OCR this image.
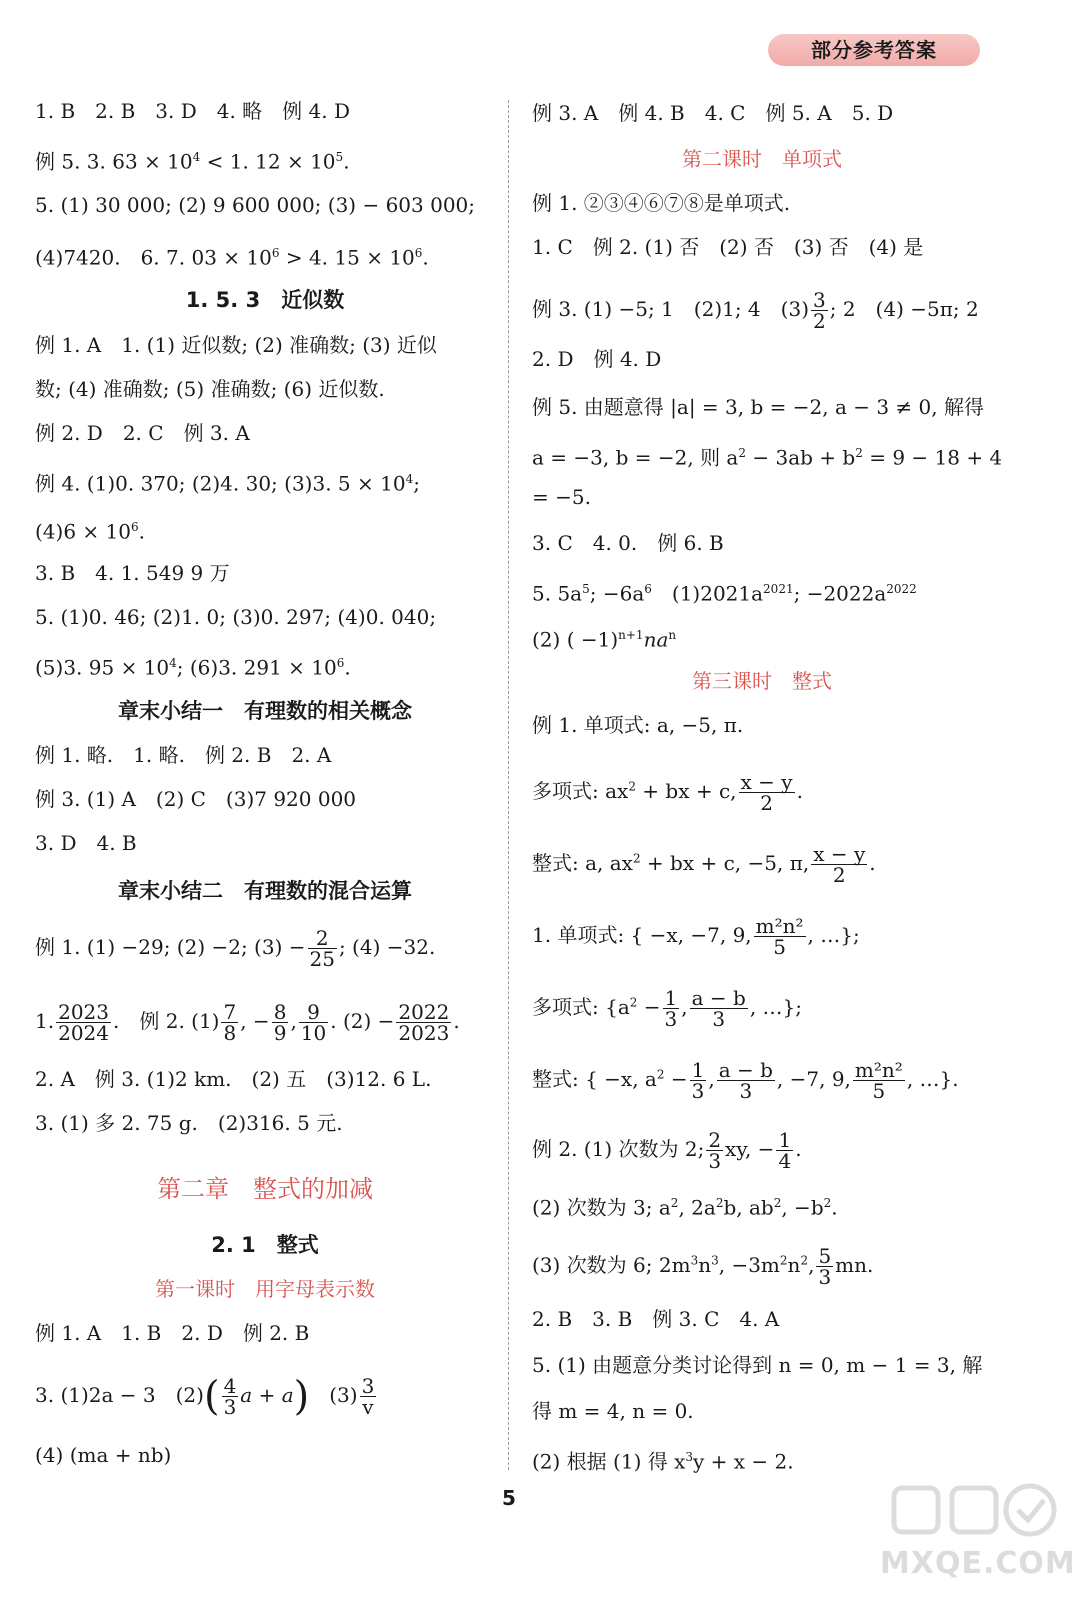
部分参考答案
1. B　2. B　3. D　4. 略　例 4. D
例 5. 3. $63 \times 10^4 < 1$. $12 \times 10^5$.
5. (1) 30 000; (2) 9 600 000; (3) − 603 000;
(4)7420.　6. 7. $03 \times 10^6 > 4$. $15 \times 10^6$.
1. 5. 3　近似数
例 1. A　1. (1) 近似数; (2) 准确数; (3) 近似
数; (4) 准确数; (5) 准确数; (6) 近似数.
例 2. D　2. C　例 3. A
例 4. (1)0. 370; (2)4. 30; (3)3. $5 \times 10^4$;
$(4)6 \times 10^6$.
3. B　4. 1. 549 9 万
5. (1)0. 46; (2)1. 0; (3)0. 297; (4)0. 040;
(5)3. $95 \times 10^4$; (6)3. $291 \times 10^6$.
章末小结一　有理数的相关概念
例 1. 略.　1. 略.　例 2. B　2. A
例 3. (1) A　(2) C　(3)7 920 000
3. D　4. B
章末小结二　有理数的混合运算
例 1. (1) −29; (2) −2; $(3) - \frac{2}{25}$ ; (4) −32.
1. $\frac{2023}{2024}$ .　例 2. $(1) \frac{7}{8}$ , − $\frac{8}{9}$ , $\frac{9}{10}$ . $(2) - \frac{2022}{2023}$ .
2. A　例 3. (1)2 km.　(2) 五　(3)12. 6 L.
3. (1) 多 2. 75 g.　(2)316. 5 元.
第二章　整式的加减
2. 1　整式
第一课时　用字母表示数
例 1. A　1. B　2. D　例 2. B
3. (1)2a − 3　$(2)( \frac{4}{3}$ a + a)　$(3) \frac{3}{v}$
(4) (ma + nb)
例 3. A　例 4. B　4. C　例 5. A　5. D
第二课时　单项式
例 1. ②③④⑥⑦⑧是单项式.
1. C　例 2. (1) 否　(2) 否　(3) 否　(4) 是
例 3. (1) −5; 1　(2)1; 4　$(3) \frac{3}{2}$ ; 2　(4) −5π; 2
2. D　例 4. D
例 5. 由题意得 |a| = 3, b = −2, a − 3 ≠ 0, 解得
a = −3, b = −2, 则 $a^2 - 3ab + b^2 = 9 - 18 + 4$
= −5.
3. C　4. 0.　例 6. B
5. $5a^5$; $-6a^6$　$(1)2021a^{2021}$; $-2022a^{2022}$
(2) ( $-1)^{n+1}na^n$
第三课时　整式
例 1. 单项式: a, −5, π.
多项式: $ax^2$ + bx + c, $\frac{x - y}{2}$ .
整式: a, $ax^2$ + bx + c, −5, π, $\frac{x - y}{2}$ .
1. 单项式: { −x, −7, 9, $\frac{\text{m²n²}}{5}$ , …};
多项式: {$a^2 - \frac{1}{3}$ , $\frac{a - b}{3}$ , …};
整式: { −x, $a^2 - \frac{1}{3}$ , $\frac{a - b}{3}$ , −7, 9, $\frac{\text{m²n²}}{5}$ , …}.
例 2. (1) 次数为 2; $\frac{2}{3}$ xy, − $\frac{1}{4}$ .
(2) 次数为 3; $a^2$, $2a^2b$, $ab^2$, $-b^2$.
(3) 次数为 6; $2m^3n^3$, $-3m^2n^2$, $\frac{5}{3}$ mn.
2. B　3. B　例 3. C　4. A
5. (1) 由题意分类讨论得到 n = 0, m − 1 = 3, 解
得 m = 4, n = 0.
(2) 根据 (1) 得 $x^3y + x - 2$.
5
MXQE.COM
